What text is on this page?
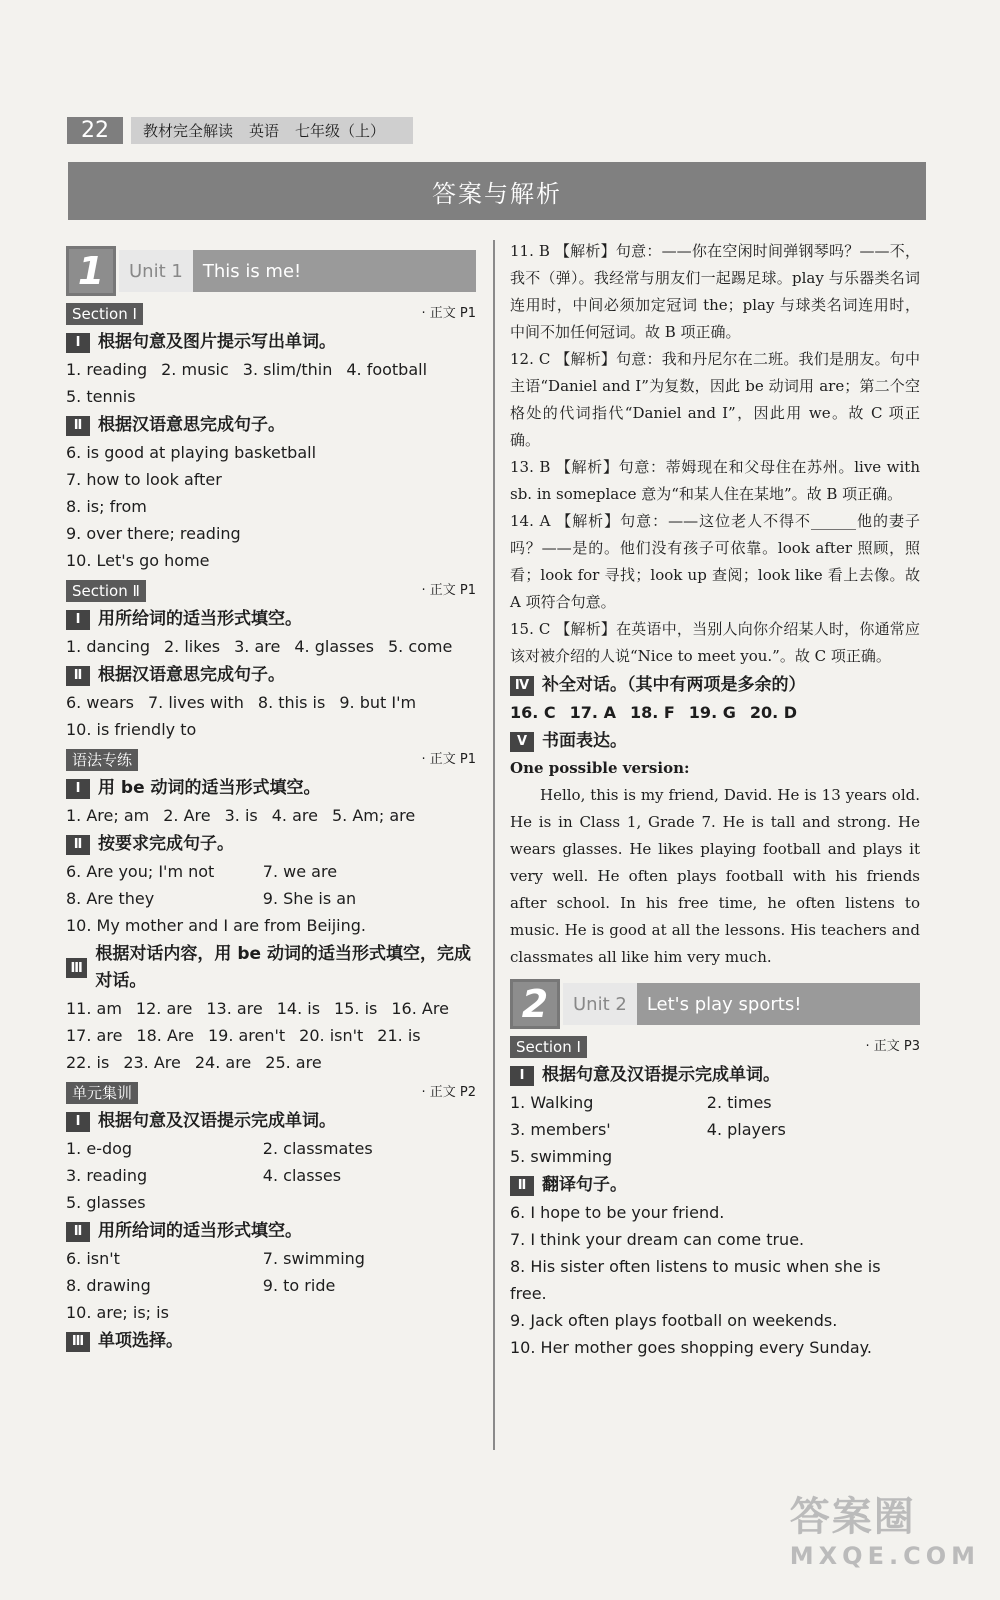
22	教材完全解读 英语 七年级（上）
答案与解析
1	Unit 1	This is me!
Section Ⅰ	· 正文 P1
Ⅰ	根据句意及图片提示写出单词。
1. reading 2. music 3. slim/thin 4. football
5. tennis
Ⅱ 根据汉语意思完成句子。
6. is good at playing basketball
7. how to look after
8. is; from
9. over there; reading
10. Let's go home
Section Ⅱ	· 正文 P1
Ⅰ	用所给词的适当形式填空。
1. dancing 2. likes 3. are 4. glasses 5. come
Ⅱ 根据汉语意思完成句子。
6. wears 7. lives with 8. this is 9. but I'm
10. is friendly to
语法专练	· 正文 P1
Ⅰ	用 be 动词的适当形式填空。
1. Are; am 2. Are 3. is 4. are 5. Am; are
Ⅱ 按要求完成句子。
6. Are you; I'm not	7. we are
8. Are they	9. She is an
10. My mother and I are from Beijing.
Ⅲ
根据对话内容，用 be 动词的适当形式填空，完成对话。
11. am 12. are 13. are 14. is 15. is 16. Are
17. are 18. Are 19. aren't 20. isn't 21. is
22. is 23. Are 24. are 25. are
单元集训	· 正文 P2
Ⅰ	根据句意及汉语提示完成单词。
1. e-dog	2. classmates
3. reading	4. classes
5. glasses
Ⅱ 用所给词的适当形式填空。
6. isn't	7. swimming
8. drawing	9. to ride
10. are; is; is
Ⅲ 单项选择。
11. B 【解析】句意：——你在空闲时间弹钢琴吗？——不，我不（弹）。我经常与朋友们一起踢足球。play 与乐器类名词连用时，中间必须加定冠词 the；play 与球类名词连用时，中间不加任何冠词。故 B 项正确。
12. C 【解析】句意：我和丹尼尔在二班。我们是朋友。句中主语“Daniel and I”为复数，因此 be 动词用 are；第二个空格处的代词指代“Daniel and I”，因此用 we。故 C 项正确。
13. B 【解析】句意：蒂姆现在和父母住在苏州。live with sb. in someplace 意为“和某人住在某地”。故 B 项正确。
14. A 【解析】句意：——这位老人不得不______他的妻子吗？——是的。他们没有孩子可依靠。look after 照顾，照看；look for 寻找；look up 查阅；look like 看上去像。故 A 项符合句意。
15. C 【解析】在英语中，当别人向你介绍某人时，你通常应该对被介绍的人说“Nice to meet you.”。故 C 项正确。
Ⅳ 补全对话。（其中有两项是多余的）
16. C 17. A 18. F 19. G 20. D
Ⅴ 书面表达。
One possible version:
Hello, this is my friend, David. He is 13 years old. He is in Class 1, Grade 7. He is tall and strong. He wears glasses. He likes playing football and plays it very well. He often plays football with his friends after school. In his free time, he often listens to music. He is good at all the lessons. His teachers and classmates all like him very much.
2	Unit 2	Let's play sports!
Section Ⅰ	· 正文 P3
Ⅰ	根据句意及汉语提示完成单词。
1. Walking	2. times
3. members'	4. players
5. swimming
Ⅱ 翻译句子。
6. I hope to be your friend.
7. I think your dream can come true.
8. His sister often listens to music when she is free.
9. Jack often plays football on weekends.
10. Her mother goes shopping every Sunday.
答案圈
MXQE.COM
